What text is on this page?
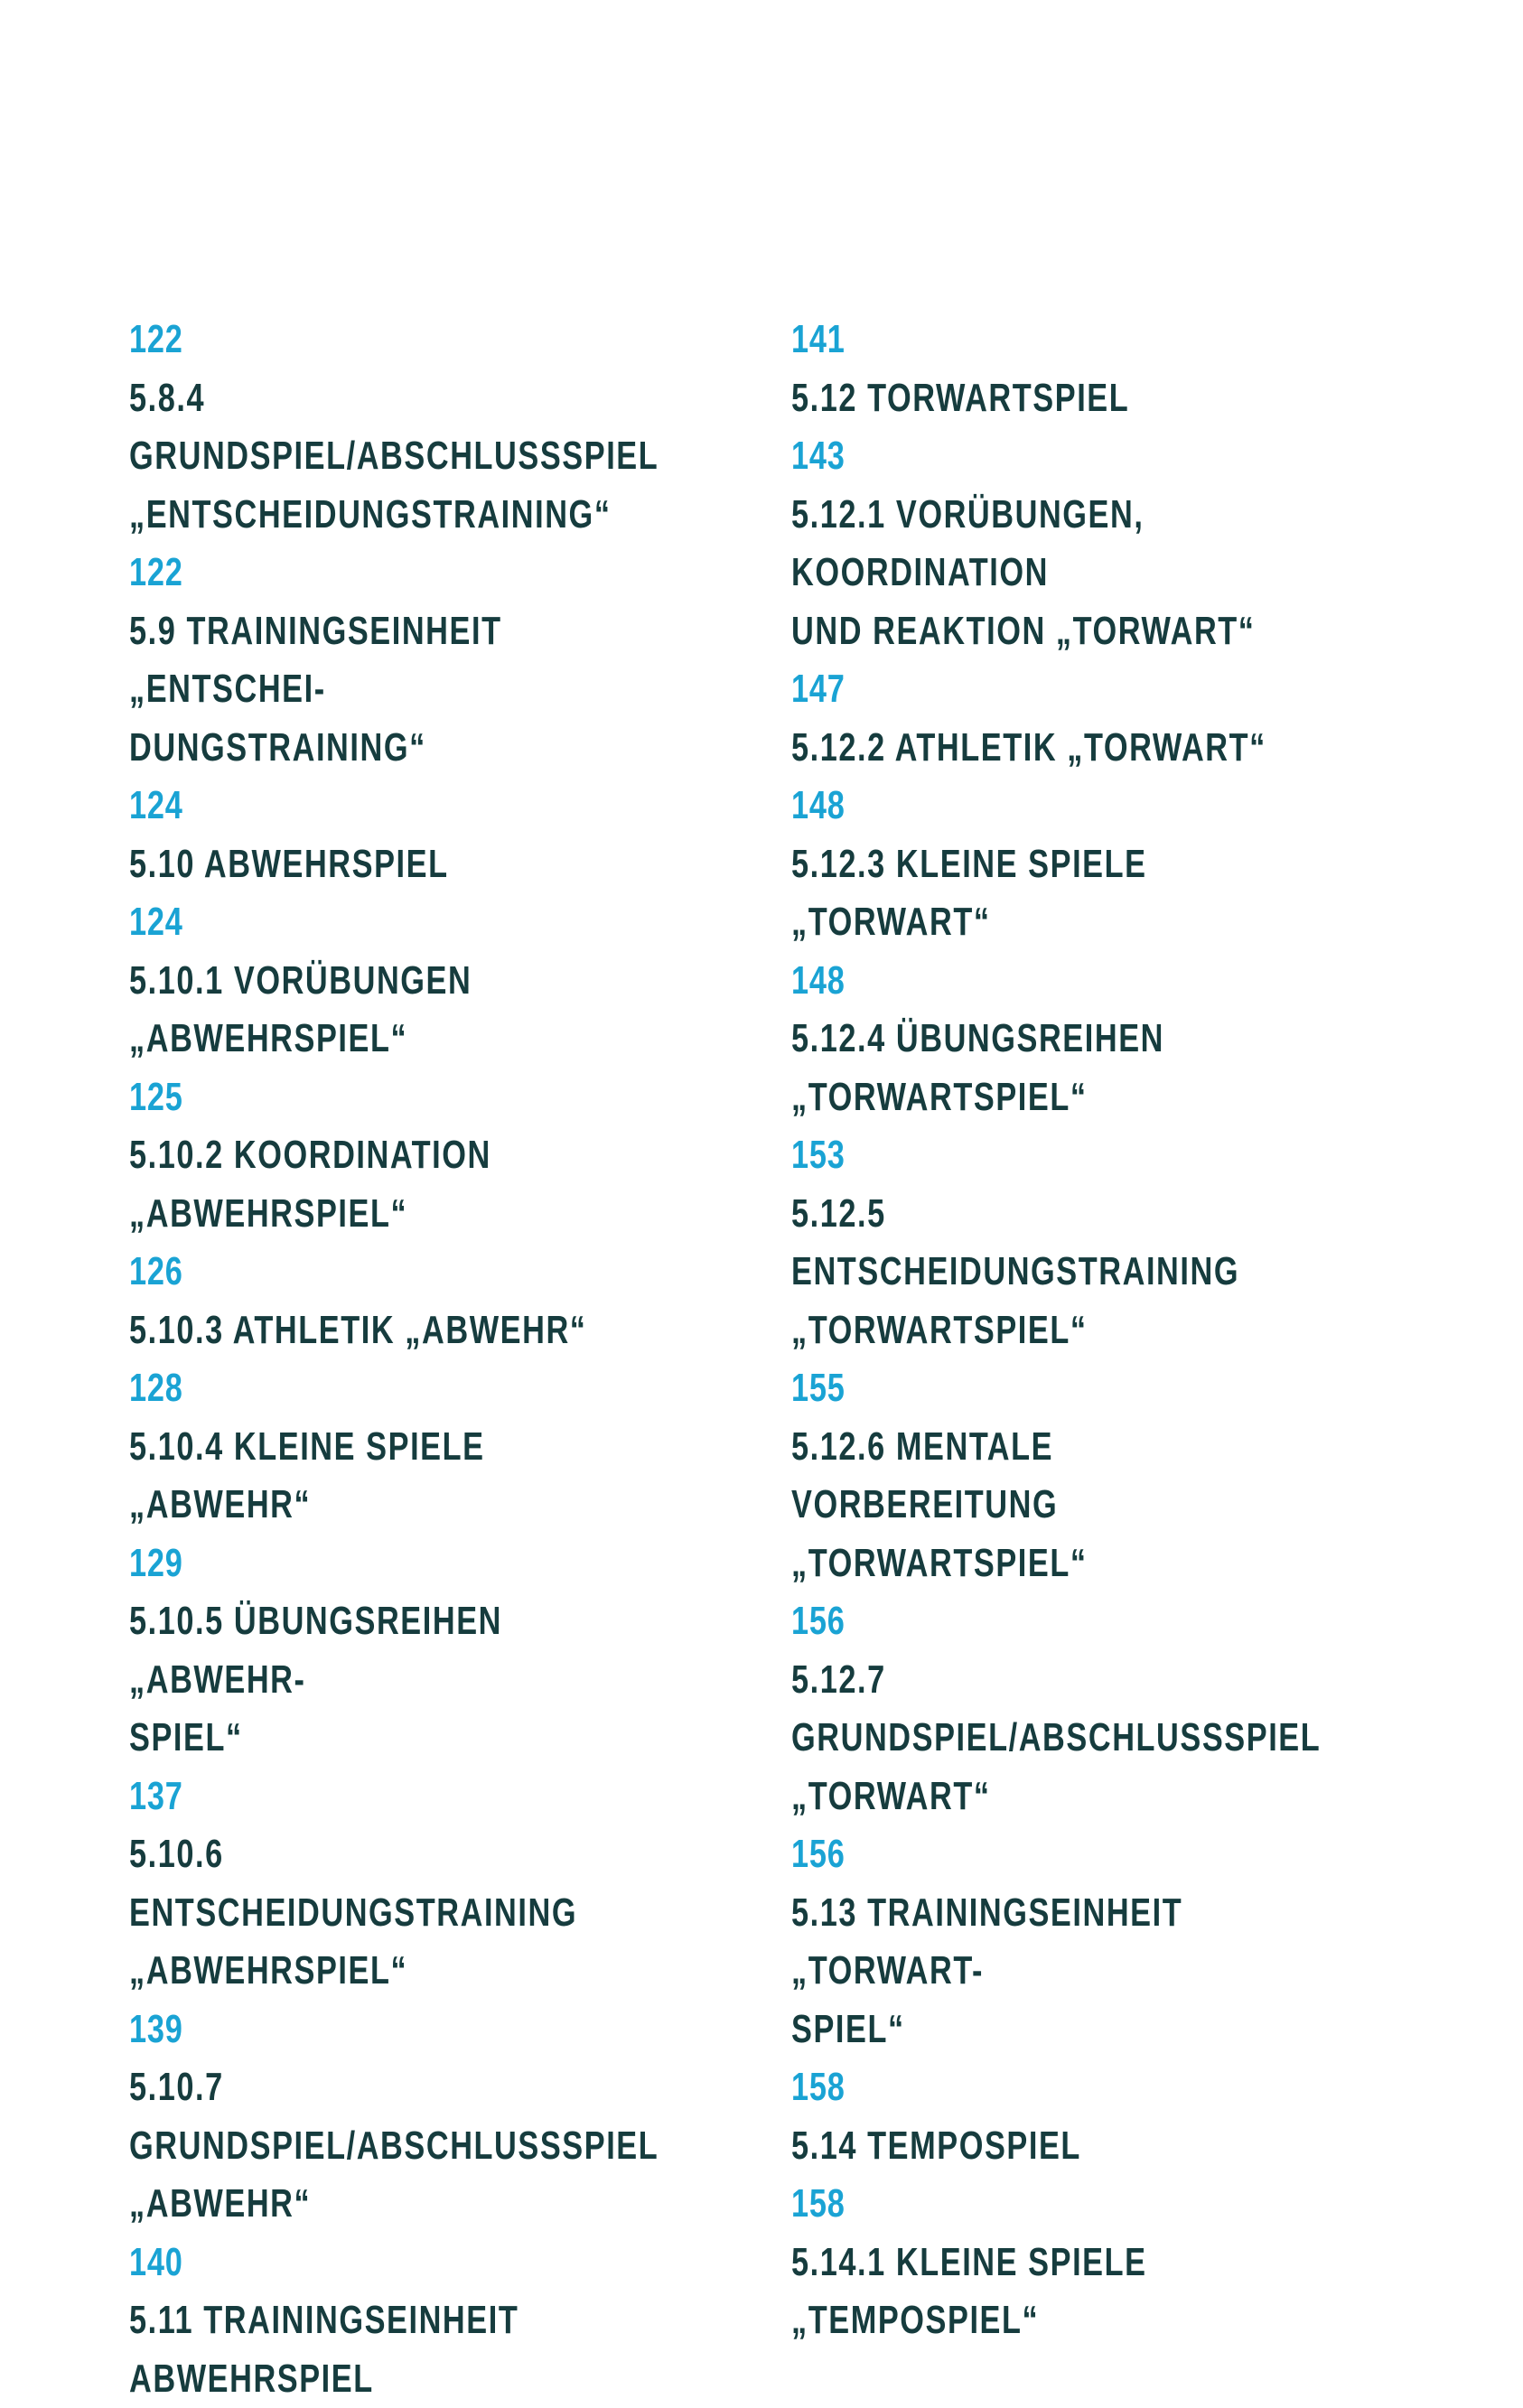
122
5.8.4 GRUNDSPIEL/ABSCHLUSSSPIEL
„ENTSCHEIDUNGSTRAINING“
122
5.9 TRAININGSEINHEIT „ENTSCHEI-
DUNGSTRAINING“
124
5.10 ABWEHRSPIEL
124
5.10.1 VORÜBUNGEN „ABWEHRSPIEL“
125
5.10.2 KOORDINATION „ABWEHRSPIEL“
126
5.10.3 ATHLETIK „ABWEHR“
128
5.10.4 KLEINE SPIELE „ABWEHR“
129
5.10.5 ÜBUNGSREIHEN „ABWEHR-
SPIEL“
137
5.10.6 ENTSCHEIDUNGSTRAINING
„ABWEHRSPIEL“
139
5.10.7 GRUNDSPIEL/ABSCHLUSSSPIEL
„ABWEHR“
140
5.11 TRAININGSEINHEIT ABWEHRSPIEL
141
5.12 TORWARTSPIEL
143
5.12.1 VORÜBUNGEN, KOORDINATION
UND REAKTION „TORWART“
147
5.12.2 ATHLETIK „TORWART“
148
5.12.3 KLEINE SPIELE „TORWART“
148
5.12.4 ÜBUNGSREIHEN „TORWARTSPIEL“
153
5.12.5 ENTSCHEIDUNGSTRAINING
„TORWARTSPIEL“
155
5.12.6 MENTALE VORBEREITUNG
„TORWARTSPIEL“
156
5.12.7 GRUNDSPIEL/ABSCHLUSSSPIEL
„TORWART“
156
5.13 TRAININGSEINHEIT „TORWART-
SPIEL“
158
5.14 TEMPOSPIEL
158
5.14.1 KLEINE SPIELE „TEMPOSPIEL“
